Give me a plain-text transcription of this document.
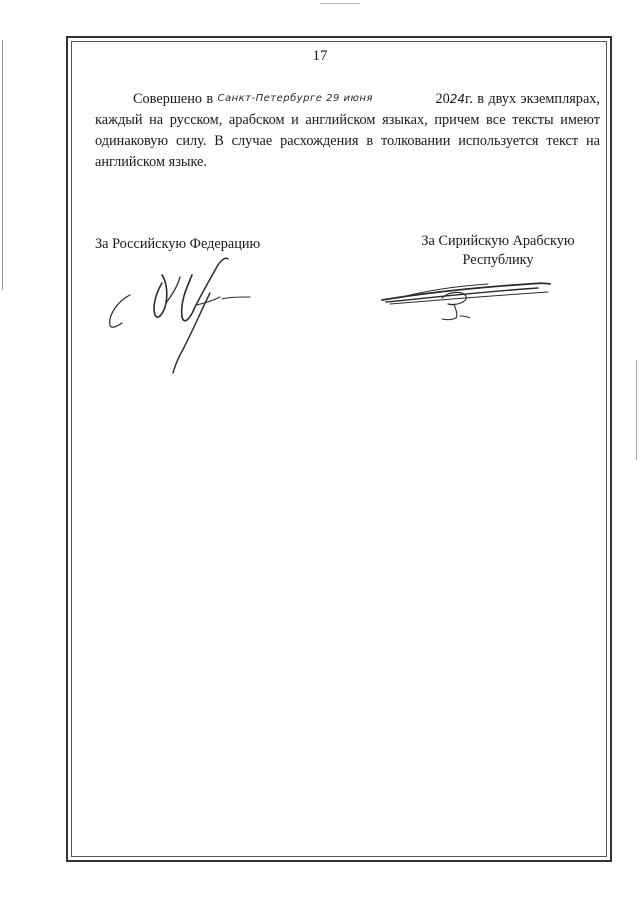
17

Совершено в Санкт-Петербурге 29 июня	2024г. в двух экземплярах, каждый на русском, арабском и английском языках, причем все тексты имеют одинаковую силу. В случае расхождения в толковании используется текст на английском языке.

За Российскую Федерацию	За Сирийскую Арабскую
Республику
